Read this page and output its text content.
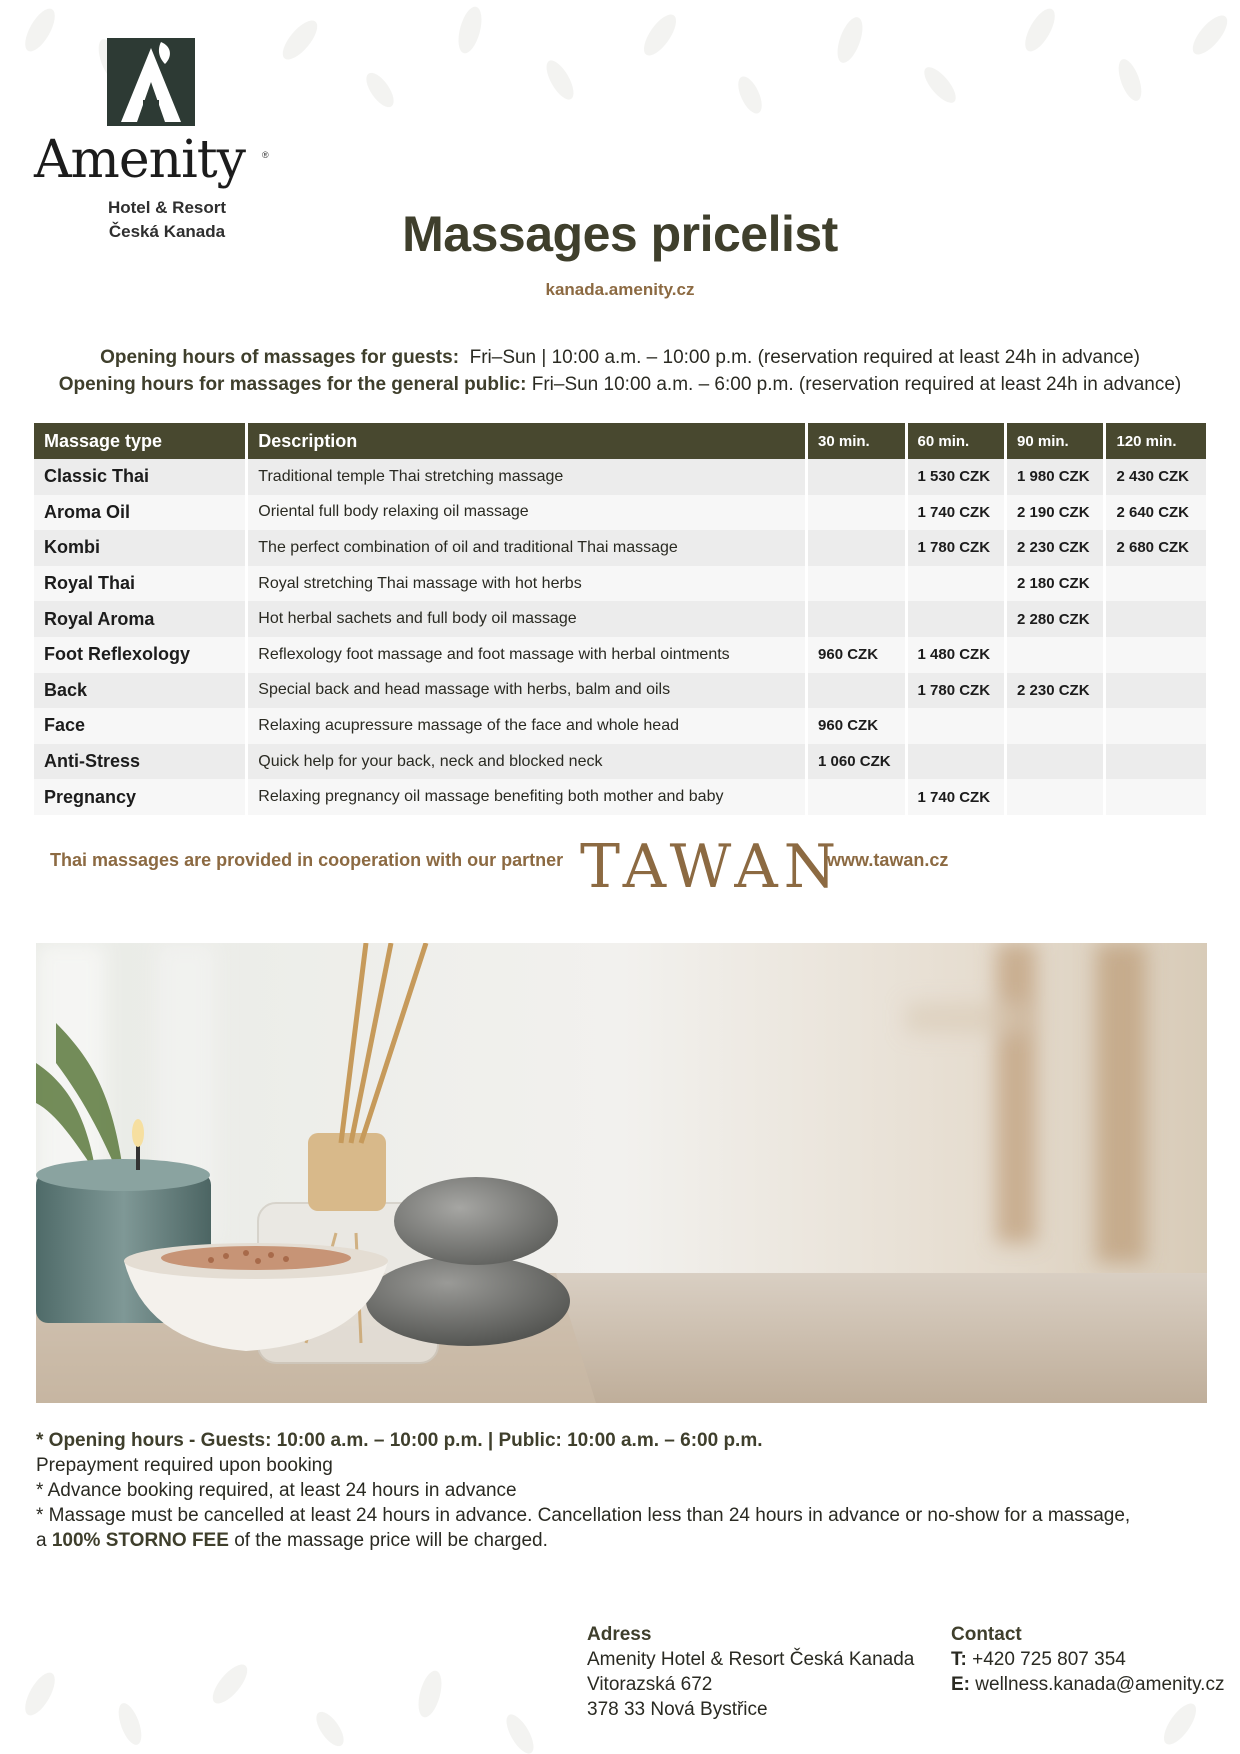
Amenity	®
Hotel & Resort
Česká Kanada	Massages pricelist
kanada.amenity.cz
Opening hours of massages for guests: Fri–Sun | 10:00 a.m. – 10:00 p.m. (reservation required at least 24h in advance)
Opening hours for massages for the general public: Fri–Sun 10:00 a.m. – 6:00 p.m. (reservation required at least 24h in advance)
Massage type	Description	30 min.	60 min.	90 min.	120 min.
Classic Thai	Traditional temple Thai stretching massage		1 530 CZK	1 980 CZK	2 430 CZK
Aroma Oil	Oriental full body relaxing oil massage		1 740 CZK	2 190 CZK	2 640 CZK
Kombi	The perfect combination of oil and traditional Thai massage		1 780 CZK	2 230 CZK	2 680 CZK
Royal Thai	Royal stretching Thai massage with hot herbs			2 180 CZK	
Royal Aroma	Hot herbal sachets and full body oil massage			2 280 CZK	
Foot Reflexology	Reflexology foot massage and foot massage with herbal ointments	960 CZK	1 480 CZK		
Back	Special back and head massage with herbs, balm and oils		1 780 CZK	2 230 CZK	
Face	Relaxing acupressure massage of the face and whole head	960 CZK			
Anti-Stress	Quick help for your back, neck and blocked neck	1 060 CZK			
Pregnancy	Relaxing pregnancy oil massage benefiting both mother and baby		1 740 CZK		
Thai massages are provided in cooperation with our partner TAWAN
www.tawan.cz

* Opening hours - Guests: 10:00 a.m. – 10:00 p.m. | Public: 10:00 a.m. – 6:00 p.m.

Prepayment required upon booking

* Advance booking required, at least 24 hours in advance

* Massage must be cancelled at least 24 hours in advance. Cancellation less than 24 hours in advance or no-show for a massage,

a 100% STORNO FEE of the massage price will be charged.

Adress
Amenity Hotel & Resort Česká Kanada
Vitorazská 672
378 33 Nová Bystřice
Contact
T: +420 725 807 354
E: wellness.kanada@amenity.cz
